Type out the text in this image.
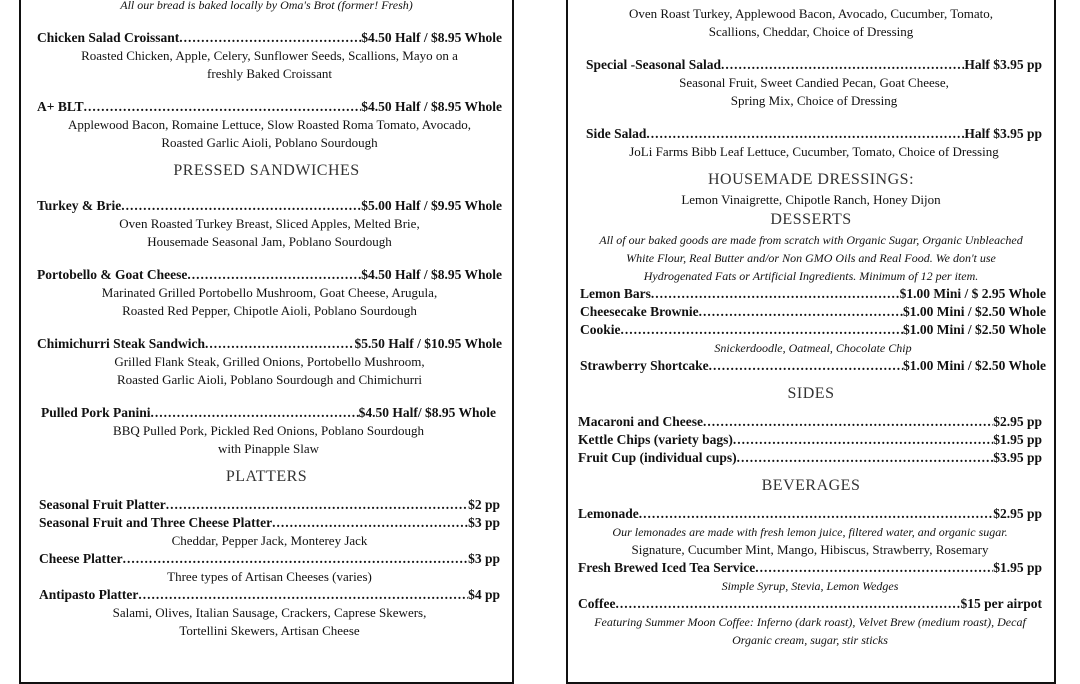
All our bread is baked locally by Oma's Brot (former! Fresh)
Chicken Salad Croissant .....	$4.50 Half / $8.95 Whole
Roasted Chicken, Apple, Celery, Sunflower Seeds, Scallions, Mayo on a
freshly Baked Croissant
A+ BLT .....	$4.50 Half / $8.95 Whole
Applewood Bacon, Romaine Lettuce, Slow Roasted Roma Tomato, Avocado,
Roasted Garlic Aioli, Poblano Sourdough
PRESSED SANDWICHES
Turkey & Brie .....	$5.00 Half / $9.95 Whole
Oven Roasted Turkey Breast, Sliced Apples, Melted Brie,
Housemade Seasonal Jam, Poblano Sourdough
Portobello & Goat Cheese .....	$4.50 Half / $8.95 Whole
Marinated Grilled Portobello Mushroom, Goat Cheese, Arugula,
Roasted Red Pepper, Chipotle Aioli, Poblano Sourdough
Chimichurri Steak Sandwich .....	$5.50 Half / $10.95 Whole
Grilled Flank Steak, Grilled Onions, Portobello Mushroom,
Roasted Garlic Aioli, Poblano Sourdough and Chimichurri
Pulled Pork Panini .....	$4.50 Half/ $8.95 Whole
BBQ Pulled Pork, Pickled Red Onions, Poblano Sourdough
with Pinapple Slaw
PLATTERS
Seasonal Fruit Platter .....	$2 pp
Seasonal Fruit and Three Cheese Platter .....	$3 pp
Cheddar, Pepper Jack, Monterey Jack
Cheese Platter .....	$3 pp
Three types of Artisan Cheeses (varies)
Antipasto Platter .....	$4 pp
Salami, Olives, Italian Sausage, Crackers, Caprese Skewers,
Tortellini Skewers, Artisan Cheese
Oven Roast Turkey, Applewood Bacon, Avocado, Cucumber, Tomato,
Scallions, Cheddar, Choice of Dressing
Special -Seasonal Salad .....	Half $3.95 pp
Seasonal Fruit, Sweet Candied Pecan, Goat Cheese,
Spring Mix, Choice of Dressing
Side Salad .....	Half $3.95 pp
JoLi Farms Bibb Leaf Lettuce, Cucumber, Tomato, Choice of Dressing
HOUSEMADE DRESSINGS:
Lemon Vinaigrette, Chipotle Ranch, Honey Dijon
DESSERTS
All of our baked goods are made from scratch with Organic Sugar, Organic Unbleached
White Flour, Real Butter and/or Non GMO Oils and Real Food. We don't use
Hydrogenated Fats or Artificial Ingredients. Minimum of 12 per item.
Lemon Bars .....	$1.00 Mini / $ 2.95 Whole
Cheesecake Brownie .....	$1.00 Mini / $2.50 Whole
Cookie .....	$1.00 Mini / $2.50 Whole
Snickerdoodle, Oatmeal, Chocolate Chip
Strawberry Shortcake .....	$1.00 Mini / $2.50 Whole
SIDES
Macaroni and Cheese .....	$2.95 pp
Kettle Chips (variety bags) .....	$1.95 pp
Fruit Cup (individual cups) .....	$3.95 pp
BEVERAGES
Lemonade .....	$2.95 pp
Our lemonades are made with fresh lemon juice, filtered water, and organic sugar.
Signature, Cucumber Mint, Mango, Hibiscus, Strawberry, Rosemary
Fresh Brewed Iced Tea Service .....	$1.95 pp
Simple Syrup, Stevia, Lemon Wedges
Coffee .....	$15 per airpot
Featuring Summer Moon Coffee: Inferno (dark roast), Velvet Brew (medium roast), Decaf
Organic cream, sugar, stir sticks
